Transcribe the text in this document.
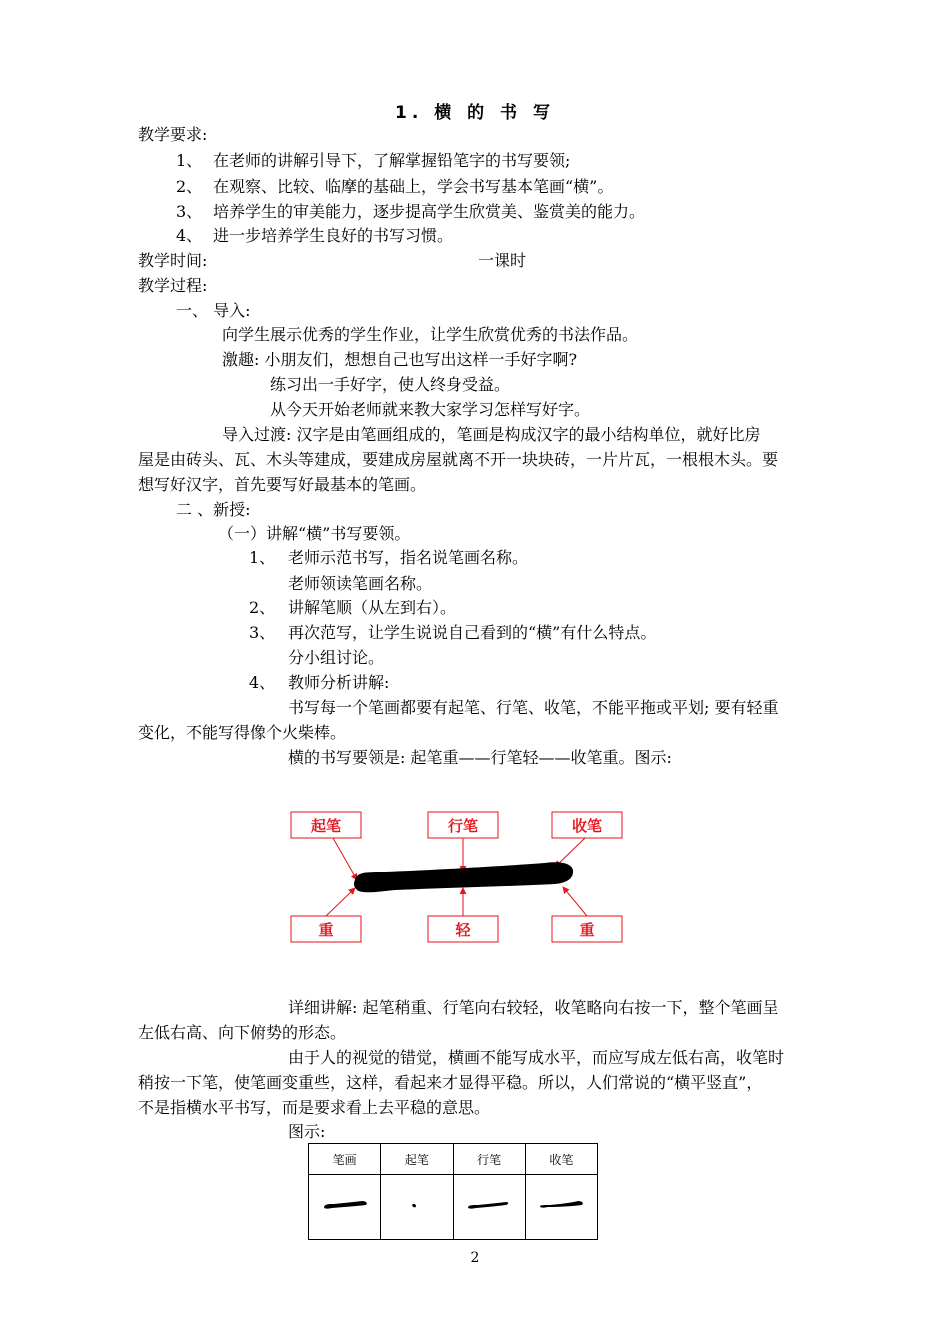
1. 横 的 书 写
教学要求:
1、 在老师的讲解引导下，了解掌握铅笔字的书写要领;
2、 在观察、比较、临摩的基础上，学会书写基本笔画“横”。
3、 培养学生的审美能力，逐步提高学生欣赏美、鉴赏美的能力。
4、 进一步培养学生良好的书写习惯。
教学时间:	一课时
教学过程:
一、 导入:
向学生展示优秀的学生作业，让学生欣赏优秀的书法作品。
激趣: 小朋友们，想想自己也写出这样一手好字啊?
练习出一手好字，使人终身受益。
从今天开始老师就来教大家学习怎样写好字。
导入过渡: 汉字是由笔画组成的，笔画是构成汉字的最小结构单位，就好比房
屋是由砖头、瓦、木头等建成，要建成房屋就离不开一块块砖，一片片瓦，一根根木头。要
想写好汉字，首先要写好最基本的笔画。
二 、新授:
（一）讲解“横”书写要领。
1、 老师示范书写，指名说笔画名称。
老师领读笔画名称。
2、 讲解笔顺（从左到右）。
3、 再次范写，让学生说说自己看到的“横”有什么特点。
分小组讨论。
4、 教师分析讲解:
书写每一个笔画都要有起笔、行笔、收笔，不能平拖或平划; 要有轻重
变化，不能写得像个火柴棒。
横的书写要领是: 起笔重——行笔轻——收笔重。图示:
起笔	行笔	收笔
重	轻	重
详细讲解: 起笔稍重、行笔向右较轻，收笔略向右按一下，整个笔画呈
左低右高、向下俯势的形态。
由于人的视觉的错觉，横画不能写成水平，而应写成左低右高，收笔时
稍按一下笔，使笔画变重些，这样，看起来才显得平稳。所以，人们常说的“横平竖直”，
不是指横水平书写，而是要求看上去平稳的意思。
图示:
笔画	起笔	行笔	收笔

2
